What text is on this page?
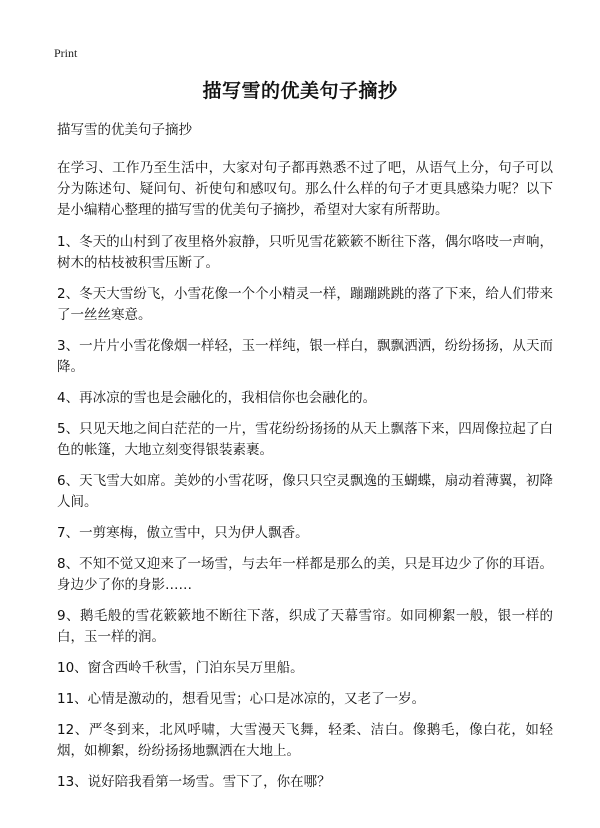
Print
描写雪的优美句子摘抄

描写雪的优美句子摘抄

在学习、工作乃至生活中，大家对句子都再熟悉不过了吧，从语气上分，句子可以分为陈述句、疑问句、祈使句和感叹句。那么什么样的句子才更具感染力呢？以下是小编精心整理的描写雪的优美句子摘抄，希望对大家有所帮助。

1、冬天的山村到了夜里格外寂静，只听见雪花簌簌不断往下落，偶尔咯吱一声响，树木的枯枝被积雪压断了。

2、冬天大雪纷飞，小雪花像一个个小精灵一样，蹦蹦跳跳的落了下来，给人们带来了一丝丝寒意。

3、一片片小雪花像烟一样轻，玉一样纯，银一样白，飘飘洒洒，纷纷扬扬，从天而降。

4、再冰凉的雪也是会融化的，我相信你也会融化的。

5、只见天地之间白茫茫的一片，雪花纷纷扬扬的从天上飘落下来，四周像拉起了白色的帐篷，大地立刻变得银装素裹。

6、天飞雪大如席。美妙的小雪花呀，像只只空灵飘逸的玉蝴蝶，扇动着薄翼，初降人间。

7、一剪寒梅，傲立雪中，只为伊人飘香。

8、不知不觉又迎来了一场雪，与去年一样都是那么的美，只是耳边少了你的耳语。身边少了你的身影……

9、鹅毛般的雪花簌簌地不断往下落，织成了天幕雪帘。如同柳絮一般，银一样的白，玉一样的润。

10、窗含西岭千秋雪，门泊东吴万里船。

11、心情是激动的，想看见雪；心口是冰凉的，又老了一岁。

12、严冬到来，北风呼啸，大雪漫天飞舞，轻柔、洁白。像鹅毛，像白花，如轻烟，如柳絮，纷纷扬扬地飘洒在大地上。

13、说好陪我看第一场雪。雪下了，你在哪？
